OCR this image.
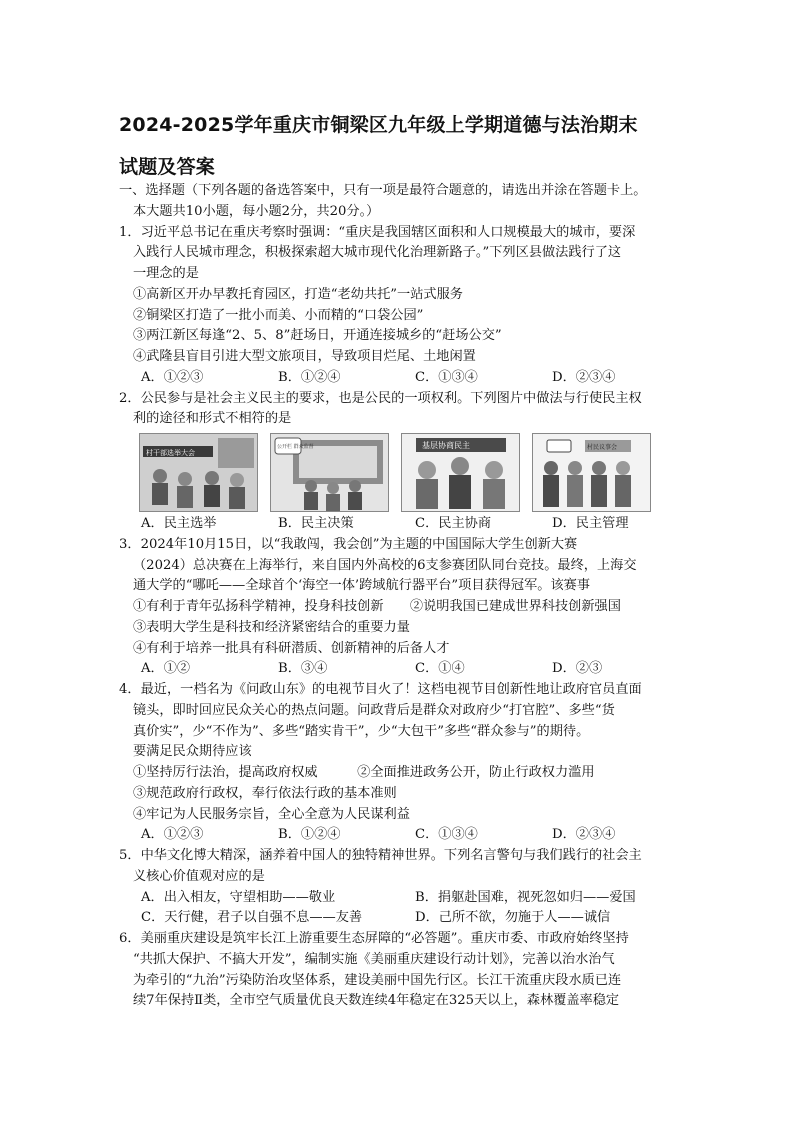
2024-2025学年重庆市铜梁区九年级上学期道德与法治期末
试题及答案
一、选择题（下列各题的备选答案中，只有一项是最符合题意的，请选出并涂在答题卡上。
本大题共10小题，每小题2分，共20分。）
1．习近平总书记在重庆考察时强调：“重庆是我国辖区面积和人口规模最大的城市，要深
入践行人民城市理念，积极探索超大城市现代化治理新路子。”下列区县做法践行了这
一理念的是
①高新区开办早教托育园区，打造“老幼共托”一站式服务
②铜梁区打造了一批小而美、小而精的“口袋公园”
③两江新区每逢“2、5、8”赶场日，开通连接城乡的“赶场公交”
④武隆县盲目引进大型文旅项目，导致项目烂尾、土地闲置
A．①②③	B．①②④	C．①③④	D．②③④
2．公民参与是社会主义民主的要求，也是公民的一项权利。下列图片中做法与行使民主权
利的途径和形式不相符的是
村干部选举大会
公开栏 群众监督	基层协商民主	村民议事会
A．民主选举	B．民主决策	C．民主协商	D．民主管理
3．2024年10月15日，以“我敢闯，我会创”为主题的中国国际大学生创新大赛
（2024）总决赛在上海举行，来自国内外高校的6支参赛团队同台竞技。最终，上海交
通大学的“哪吒——全球首个‘海空一体’跨域航行器平台”项目获得冠军。该赛事
①有利于青年弘扬科学精神，投身科技创新　　②说明我国已建成世界科技创新强国
③表明大学生是科技和经济紧密结合的重要力量
④有利于培养一批具有科研潜质、创新精神的后备人才
A．①②	B．③④	C．①④	D．②③
4．最近，一档名为《问政山东》的电视节目火了！这档电视节目创新性地让政府官员直面
镜头，即时回应民众关心的热点问题。问政背后是群众对政府少“打官腔”、多些“货
真价实”，少“不作为”、多些“踏实肯干”，少“大包干”多些“群众参与”的期待。
要满足民众期待应该
①坚持厉行法治，提高政府权威　　　②全面推进政务公开，防止行政权力滥用
③规范政府行政权，奉行依法行政的基本准则
④牢记为人民服务宗旨，全心全意为人民谋利益
A．①②③	B．①②④	C．①③④	D．②③④
5．中华文化博大精深，涵养着中国人的独特精神世界。下列名言警句与我们践行的社会主
义核心价值观对应的是
A．出入相友，守望相助——敬业	B．捐躯赴国难，视死忽如归——爱国
C．天行健，君子以自强不息——友善	D．己所不欲，勿施于人——诚信
6．美丽重庆建设是筑牢长江上游重要生态屏障的“必答题”。重庆市委、市政府始终坚持
“共抓大保护、不搞大开发”，编制实施《美丽重庆建设行动计划》，完善以治水治气
为牵引的“九治”污染防治攻坚体系，建设美丽中国先行区。长江干流重庆段水质已连
续7年保持Ⅱ类，全市空气质量优良天数连续4年稳定在325天以上，森林覆盖率稳定
